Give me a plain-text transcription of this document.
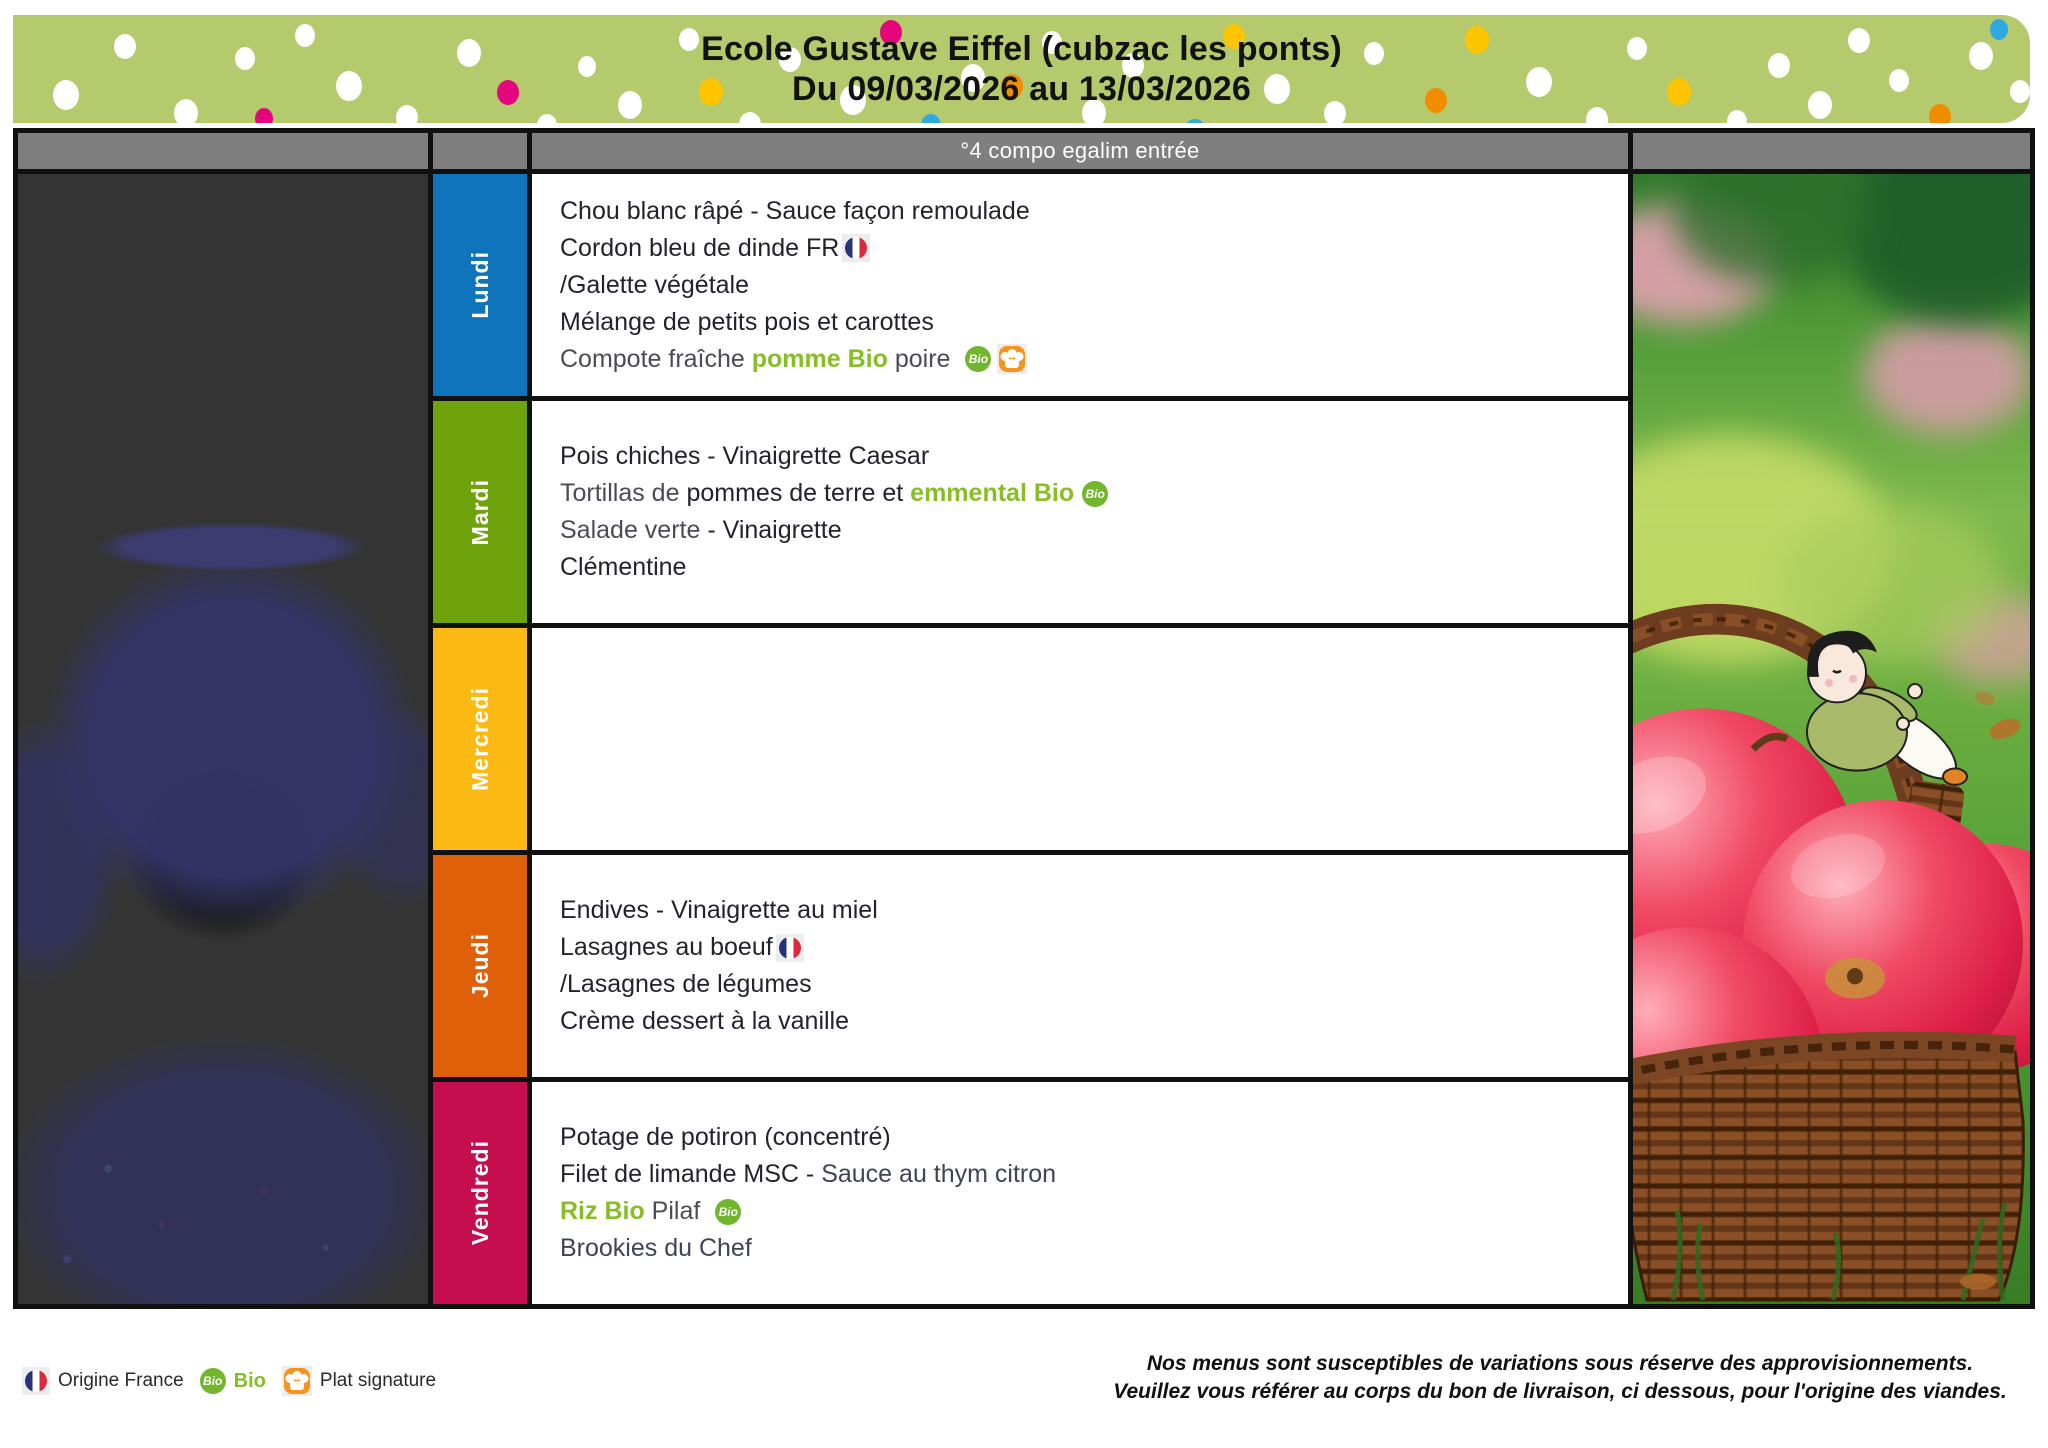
Ecole Gustave Eiffel (cubzac les ponts)
Du 09/03/2026 au 13/03/2026
°4 compo egalim entrée
Lundi
Chou blanc râpé - Sauce façon remoulade
Cordon bleu de dinde FR
/Galette végétale
Mélange de petits pois et carottes
Compote fraîche pomme Bio poire Bio
Mardi
Pois chiches - Vinaigrette Caesar
Tortillas de pommes de terre et emmental Bio Bio
Salade verte - Vinaigrette
Clémentine
Mercredi
Jeudi
Endives - Vinaigrette au miel
Lasagnes au boeuf
/Lasagnes de légumes
Crème dessert à la vanille
Vendredi
Potage de potiron (concentré)
Filet de limande MSC - Sauce au thym citron
Riz Bio Pilaf Bio
Brookies du Chef
Origine France Bio Bio	Plat signature
Nos menus sont susceptibles de variations sous réserve des approvisionnements.
Veuillez vous référer au corps du bon de livraison, ci dessous, pour l'origine des viandes.
